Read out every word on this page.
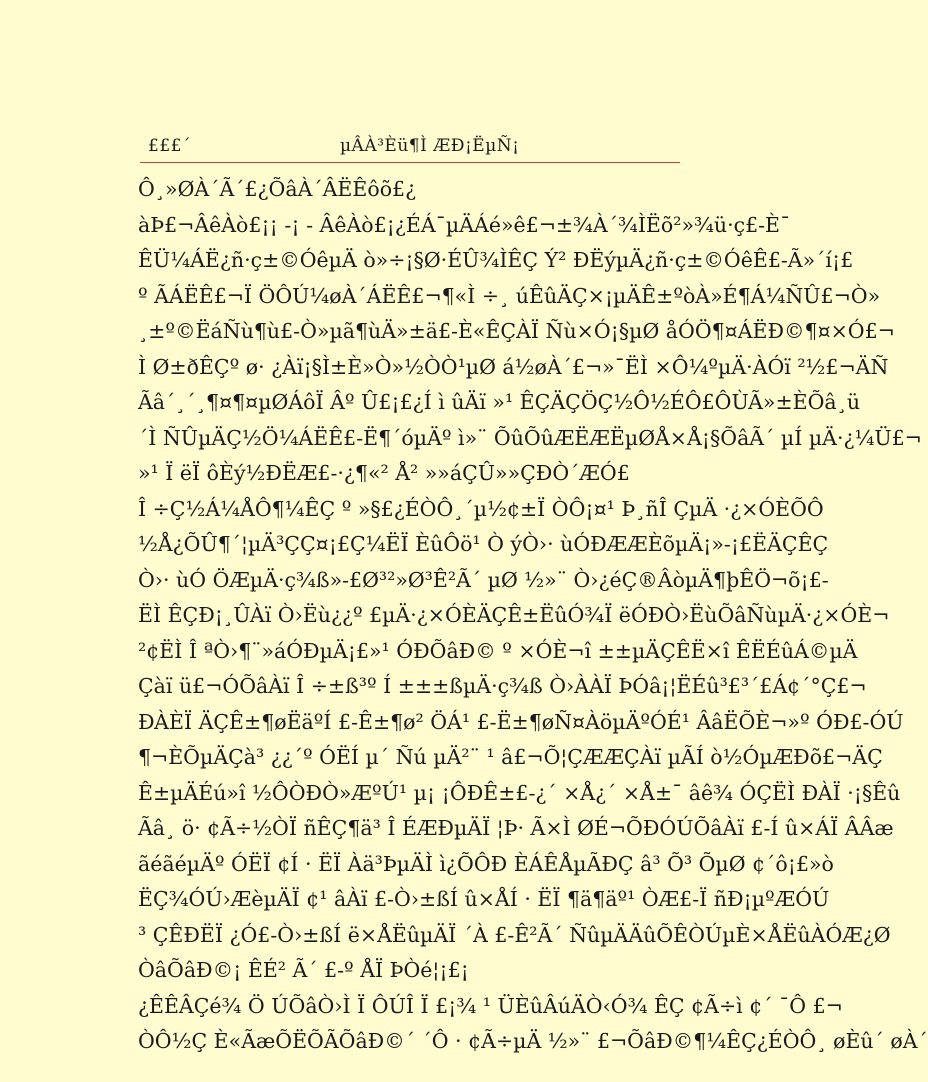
£££´	µÂÀ³Èü¶Ì ÆÐ¡ËµÑ¡
Ô¸»ØÀ´Ã´£¿ÕâÀ´ÂËÊôõ£¿
àÞ£¬ÂêÀò£¡¡ -¡ - ÂêÀò£¡¿ÉÁ¯µÄÁé»ê£¬±¾À´¾ÌËõ²»¾ü·ç£-È¯
ÊÜ¼ÁË¿ñ·ç±©ÓêµÄ ò»÷¡§Ø·ÉÛ¾ÌÊÇ Ý² ÐËýµÄ¿ñ·ç±©ÓêÊ£-Ã»´í¡£
º ÃÁËÊ£¬Ï ÖÔÚ¼øÀ´ÁËÊ£¬¶«Ì ÷¸ úÊûÄÇ×¡µÄÊ±ºòÀ»É¶Á¼ÑÛ£¬Ò»
¸±º©ËáÑù¶ù£-Ò»µã¶ùÄ»±ä£-È«ÊÇÀÏ Ñù×Ó¡§µØ åÓÖ¶¤ÁËÐ©¶¤×Ó£¬
Ì Ø±ðÊÇº ø· ¿Àï¡§Ì±È»Ò»½ÒÒ¹µØ á½øÀ´£¬»¯ËÌ ×Ô¼ºµÄ·ÀÓï ²½£¬ÄÑ
Ãâ´¸´¸¶¤¶¤µØÁôÏ Âº Û£¡£¿Í ì ûÄï »¹ ÊÇÄÇÖÇ½Ô½ÉÔ£ÔÙÃ»±ÈÕâ¸ü
´Ì ÑÛµÄÇ½Ö¼ÁËÊ£-Ë¶´óµÄº ì»¨ ÕûÕûÆËÆËµØÅ×Å¡§ÕâÃ´ µÍ µÄ·¿¼Ü£¬
»¹ Ï ëÏ ôÈý½ÐËÆ£-·¿¶«² Å² »»áÇÛ»»ÇÐÒ´ÆÓ£
Î ÷Ç½Á¼ÅÔ¶¼ÊÇ º »§£¿ÉÒÔ¸´µ½¢±Ï ÒÔ¡¤¹ Þ¸ñÎ ÇµÄ ·¿×ÓÈÕÔ
½Å¿ÕÛ¶´¦µÄ³ÇÇ¤¡£Ç¼ËÏ ÈûÔö¹ Ò ýÒ›· ùÓÐÆÆÈõµÄ¡»-¡£ËÄÇÊÇ
Ò›· ùÓ ÖÆµÄ·ç¾ß»-£Ø³²»Ø³Ê²Ã´ µØ ½»¨ Ò›¿éÇ®ÂòµÄ¶þÊÖ¬õ¡£-
ËÌ ÊÇÐ¡¸ÛÀï Ò›Ëù¿¿º £µÄ·¿×ÓÈÄÇÊ±ËûÓ¾Ï ëÓÐÒ›ËùÕâÑùµÄ·¿×ÓÈ¬
²¢ËÌ Î ªÒ›¶¨»áÓÐµÄ¡£»¹ ÓÐÕâÐ© º ×ÓÈ¬î ±±µÄÇÊË×î ÊËÉûÁ©µÄ
Çàï ü£¬ÓÕâÀï Î ÷±ß³º Í ±±±ßµÄ·ç¾ß Ò›ÀÀÏ ÞÓâ¡¦ËÉû³£³´£Á¢´°Ç£¬
ÐÀÈÏ ÄÇÊ±¶øËäºÍ £-Ê±¶ø² ÖÁ¹ £-Ë±¶øÑ¤ÀöµÄºÓÉ¹ ÂâËÕÈ¬»º ÓÐ£-ÓÚ
¶¬ÈÕµÄÇà³ ¿¿´º ÓËÍ µ´ Ñú µÄ²¨ ¹ â£¬Õ¦ÇÆÆÇÀï µÃÍ ò½ÓµÆÐõ£¬ÄÇ
Ê±µÄÉú»î ½ÔÒÐÒ»ÆºÚ¹ µ¡ ¡ÔÐÊ±£-¿´ ×Å¿´ ×Å±¯ âê¾ ÓÇËÌ ÐÀÏ ·¡§Êû
Ãâ¸ ö· ¢Ã÷½ÒÏ ñÊÇ¶ä³ Î ÉÆÐµÄÏ ¦Þ· Ã×Ì ØÉ¬ÕÐÓÚÕâÀï £-Í û×ÁÏ ÂÂæ
ãéãéµÄº ÓËÏ ¢Í · ËÏ Àä³ÞµÄÌ ì¿ÕÔÐ ÈÁÊÅµÃÐÇ â³ Õ³ ÕµØ ¢´ô¡£»ò
ËÇ¾ÓÚ›ÆèµÄÏ ¢¹ âÀï £-Ò›±ßÍ û×ÅÍ · ËÏ ¶ä¶äº¹ ÒÆ£-Ï ñÐ¡µºÆÓÚ
³ ÇÊÐËÏ ¿Ó£-Ò›±ßÍ ë×ÅËûµÄÏ ´À £-Ê²Ã´ ÑûµÄÄûÕÊÒÚµÈ×ÅËûÀÓÆ¿Ø
ÒâÕâÐ©¡ ÊÉ² Ã´ £-º ÅÏ ÞÒé¦¡£¡
¿ÊÊÂÇé¾ Ö ÚÕâÒ›Ì Ï ÔÚÎ Ï £¡¾ ¹ ÜÈûÂúÄÒ‹Ó¾ ÊÇ ¢Ã÷ì ¢´ ¯Ô £¬
ÒÔ½Ç È«ÃæÕËÕÃÕâÐ©´ ´Ô · ¢Ã÷µÄ ½»¨ £¬ÕâÐ©¶¼ÊÇ¿ÉÒÔ¸ øÈû´ øÀ´
